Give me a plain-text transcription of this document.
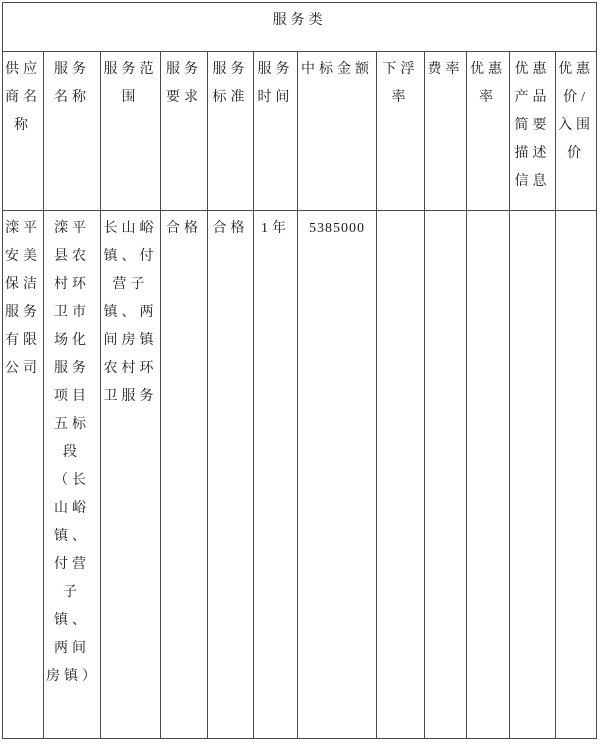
服务类											
供应商名称	服务名称	服务范围	服务要求	服务标准	服务时间	中标金额	下浮率	费率	优惠率	优惠产品简要描述信息	优惠价/入围价
滦平安美保洁服务有限公司	滦平县农村环卫市场化服务项目五标段（长山峪镇、付营子镇、两间房镇）	长山峪镇、付营子镇、两间房镇农村环卫服务	合格	合格	1年	5385000					
